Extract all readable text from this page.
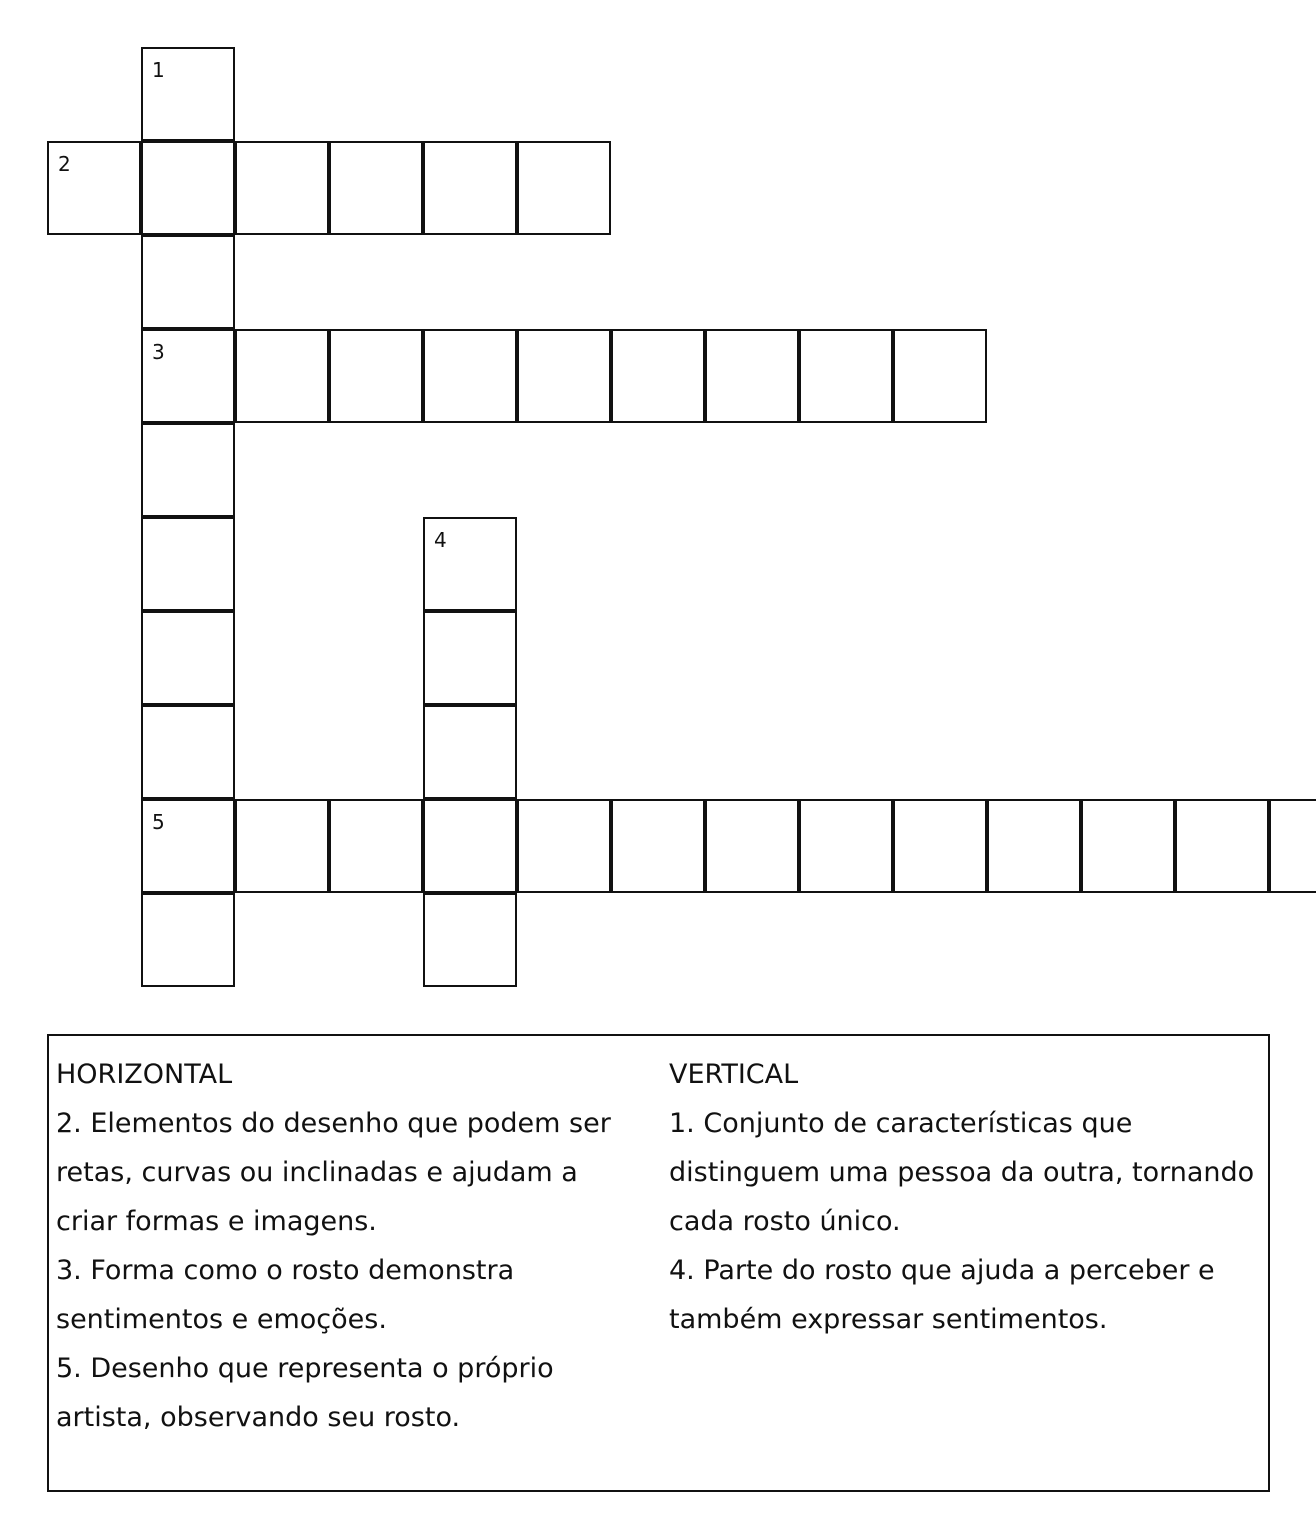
1
3
5
2
4
HORIZONTAL
2. Elementos do desenho que podem ser retas, curvas ou inclinadas e ajudam a criar formas e imagens.
3. Forma como o rosto demonstra sentimentos e emoções.
5. Desenho que representa o próprio artista, observando seu rosto.
VERTICAL
1. Conjunto de características que distinguem uma pessoa da outra, tornando cada rosto único.
4. Parte do rosto que ajuda a perceber e também expressar sentimentos.
